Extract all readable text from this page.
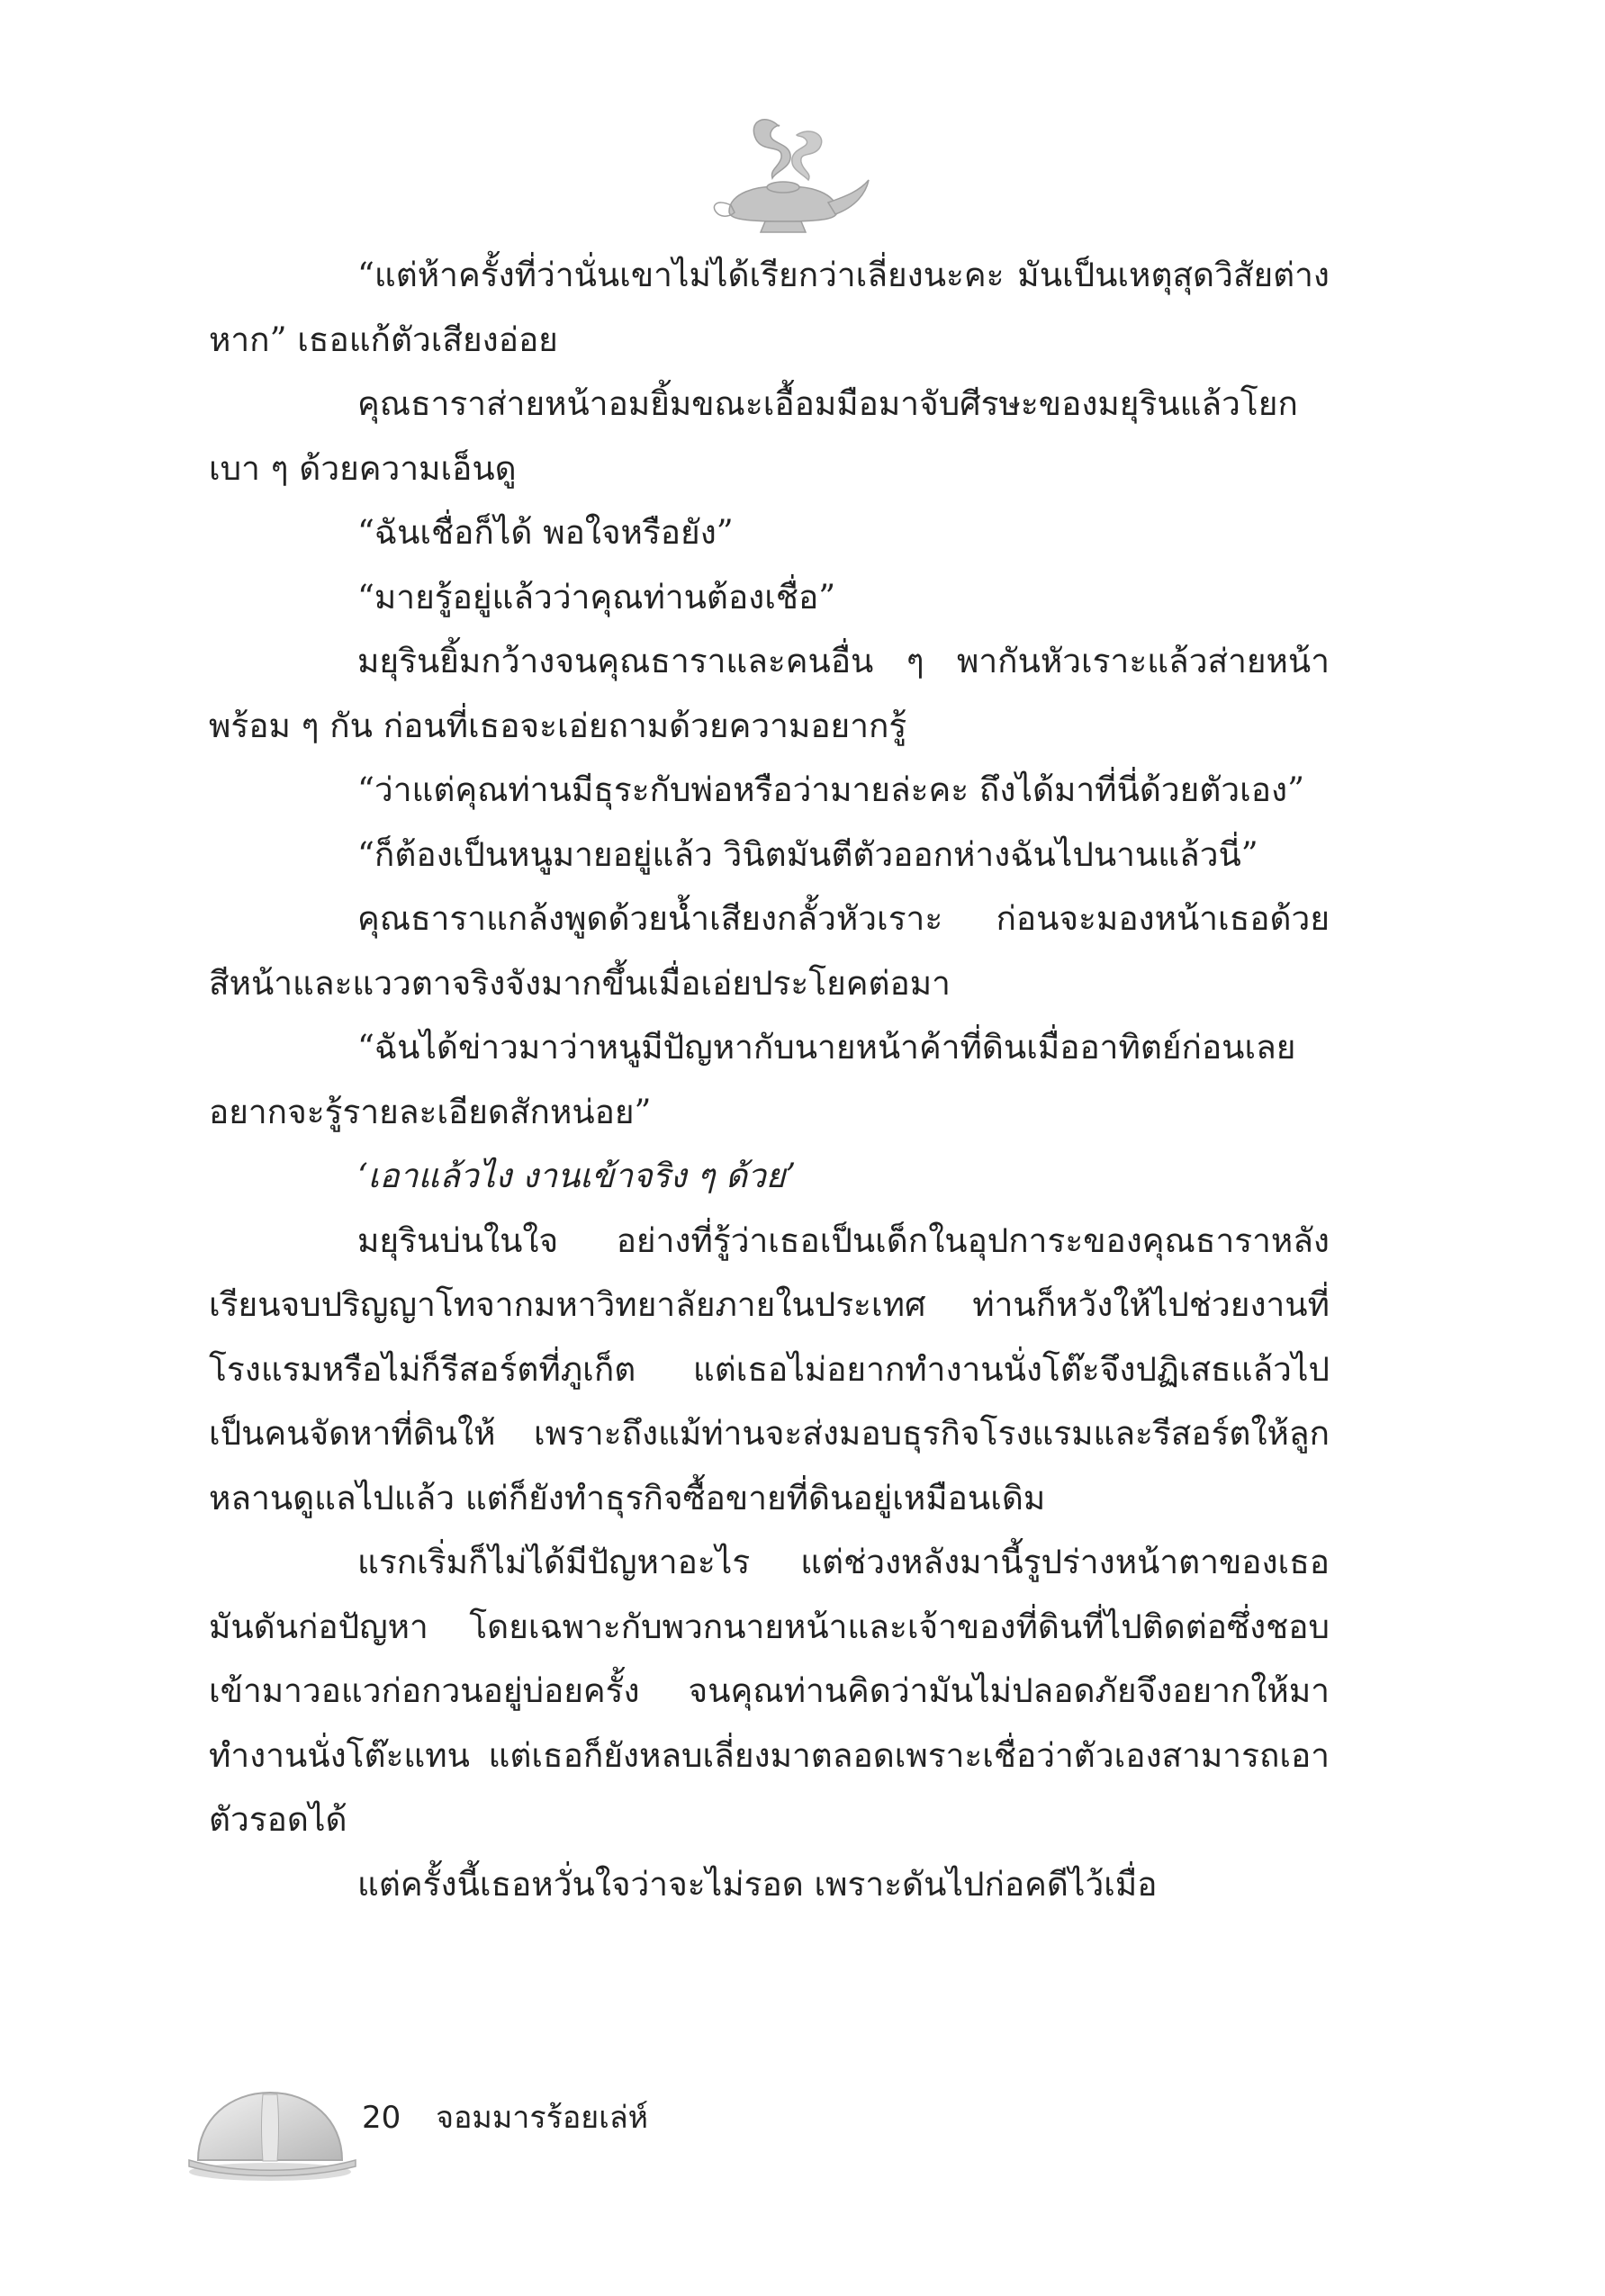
“แต่ห้าครั้งที่ว่านั่นเขาไม่ได้เรียกว่าเลี่ยงนะคะ มันเป็นเหตุสุดวิสัยต่างหาก” เธอแก้ตัวเสียงอ่อย

คุณธาราส่ายหน้าอมยิ้มขณะเอื้อมมือมาจับศีรษะของมยุรินแล้วโยกเบา ๆ ด้วยความเอ็นดู

“ฉันเชื่อก็ได้ พอใจหรือยัง”

“มายรู้อยู่แล้วว่าคุณท่านต้องเชื่อ”

มยุรินยิ้มกว้างจนคุณธาราและคนอื่น ๆ พากันหัวเราะแล้วส่ายหน้าพร้อม ๆ กัน ก่อนที่เธอจะเอ่ยถามด้วยความอยากรู้

“ว่าแต่คุณท่านมีธุระกับพ่อหรือว่ามายล่ะคะ ถึงได้มาที่นี่ด้วยตัวเอง”

“ก็ต้องเป็นหนูมายอยู่แล้ว วินิตมันตีตัวออกห่างฉันไปนานแล้วนี่”

คุณธาราแกล้งพูดด้วยน้ำเสียงกลั้วหัวเราะ ก่อนจะมองหน้าเธอด้วยสีหน้าและแววตาจริงจังมากขึ้นเมื่อเอ่ยประโยคต่อมา

“ฉันได้ข่าวมาว่าหนูมีปัญหากับนายหน้าค้าที่ดินเมื่ออาทิตย์ก่อนเลยอยากจะรู้รายละเอียดสักหน่อย”

‘เอาแล้วไง งานเข้าจริง ๆ ด้วย’

มยุรินบ่นในใจ อย่างที่รู้ว่าเธอเป็นเด็กในอุปการะของคุณธาราหลังเรียนจบปริญญาโทจากมหาวิทยาลัยภายในประเทศ ท่านก็หวังให้ไปช่วยงานที่โรงแรมหรือไม่ก็รีสอร์ตที่ภูเก็ต แต่เธอไม่อยากทำงานนั่งโต๊ะจึงปฏิเสธแล้วไปเป็นคนจัดหาที่ดินให้ เพราะถึงแม้ท่านจะส่งมอบธุรกิจโรงแรมและรีสอร์ตให้ลูกหลานดูแลไปแล้ว แต่ก็ยังทำธุรกิจซื้อขายที่ดินอยู่เหมือนเดิม

แรกเริ่มก็ไม่ได้มีปัญหาอะไร แต่ช่วงหลังมานี้รูปร่างหน้าตาของเธอมันดันก่อปัญหา โดยเฉพาะกับพวกนายหน้าและเจ้าของที่ดินที่ไปติดต่อซึ่งชอบเข้ามาวอแวก่อกวนอยู่บ่อยครั้ง จนคุณท่านคิดว่ามันไม่ปลอดภัยจึงอยากให้มาทำงานนั่งโต๊ะแทน แต่เธอก็ยังหลบเลี่ยงมาตลอดเพราะเชื่อว่าตัวเองสามารถเอาตัวรอดได้

แต่ครั้งนี้เธอหวั่นใจว่าจะไม่รอด เพราะดันไปก่อคดีไว้เมื่อ

20 จอมมารร้อยเล่ห์
